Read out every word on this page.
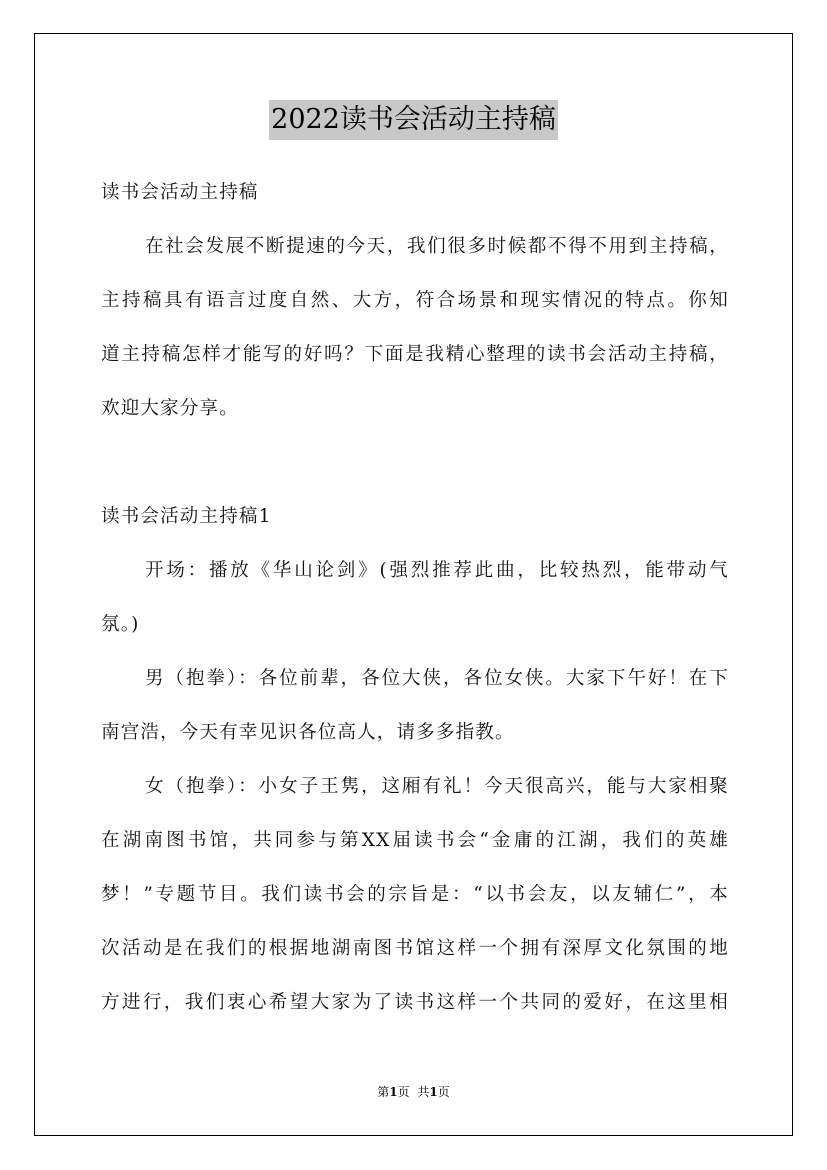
2022读书会活动主持稿
读书会活动主持稿
在社会发展不断提速的今天，我们很多时候都不得不用到主持稿，
主持稿具有语言过度自然、大方，符合场景和现实情况的特点。你知
道主持稿怎样才能写的好吗？下面是我精心整理的读书会活动主持稿，
欢迎大家分享。
读书会活动主持稿1
开场：播放《华山论剑》(强烈推荐此曲，比较热烈，能带动气
氛。)
男（抱拳）：各位前辈，各位大侠，各位女侠。大家下午好！在下
南宫浩，今天有幸见识各位高人，请多多指教。
女（抱拳）：小女子王隽，这厢有礼！今天很高兴，能与大家相聚
在湖南图书馆，共同参与第XX届读书会“金庸的江湖，我们的英雄
梦！”专题节目。我们读书会的宗旨是：“以书会友，以友辅仁”，本
次活动是在我们的根据地湖南图书馆这样一个拥有深厚文化氛围的地
方进行，我们衷心希望大家为了读书这样一个共同的爱好，在这里相
第1页 共1页
